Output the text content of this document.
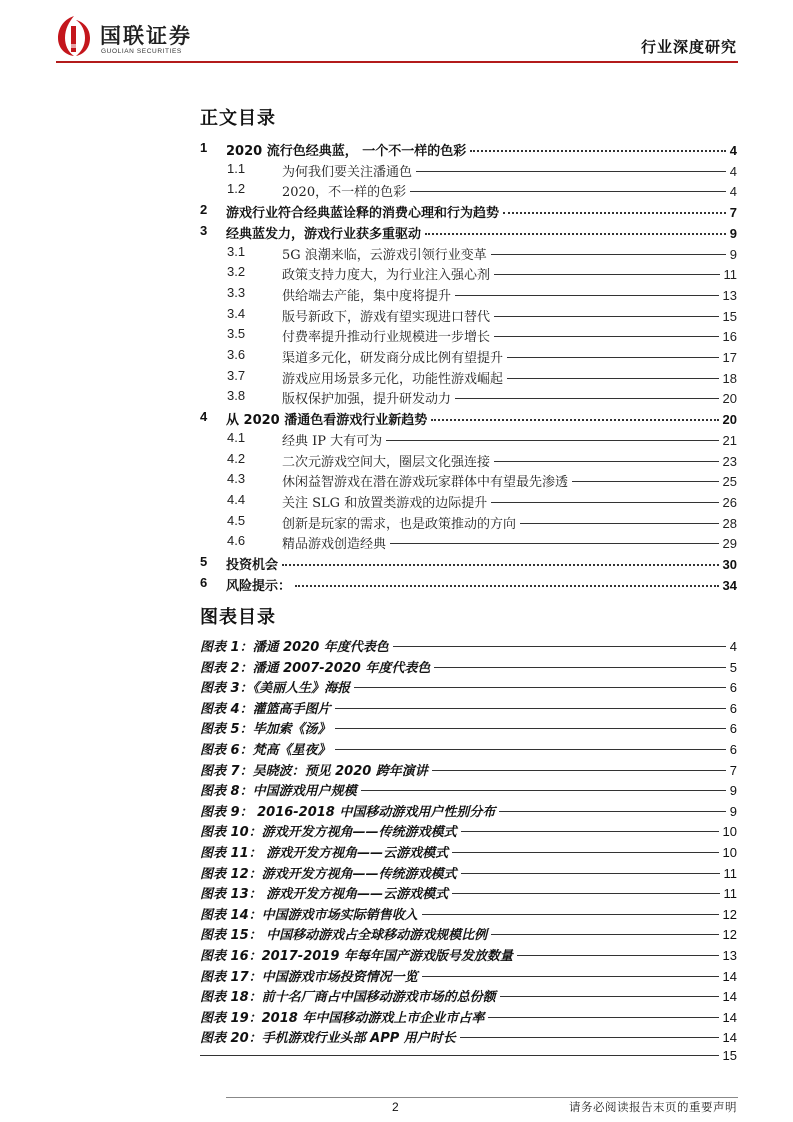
国联证券
GUOLIAN SECURITIES	行业深度研究
正文目录
1 2020 流行色经典蓝， 一个不一样的色彩	4
1.1	为何我们要关注潘通色	4
1.2	2020，不一样的色彩	4
2 游戏行业符合经典蓝诠释的消费心理和行为趋势	7
3 经典蓝发力，游戏行业获多重驱动	9
3.1	5G 浪潮来临，云游戏引领行业变革	9
3.2	政策支持力度大，为行业注入强心剂	11
3.3	供给端去产能，集中度将提升	13
3.4	版号新政下，游戏有望实现进口替代	15
3.5	付费率提升推动行业规模进一步增长	16
3.6	渠道多元化，研发商分成比例有望提升	17
3.7	游戏应用场景多元化，功能性游戏崛起	18
3.8	版权保护加强，提升研发动力	20
4 从 2020 潘通色看游戏行业新趋势	20
4.1	经典 IP 大有可为	21
4.2	二次元游戏空间大，圈层文化强连接	23
4.3	休闲益智游戏在潜在游戏玩家群体中有望最先渗透	25
4.4	关注 SLG 和放置类游戏的边际提升	26
4.5	创新是玩家的需求，也是政策推动的方向	28
4.6	精品游戏创造经典	29
5 投资机会	30
6 风险提示：	34
图表目录
图表 1：潘通 2020 年度代表色	4
图表 2：潘通 2007-2020 年度代表色	5
图表 3：《美丽人生》海报	6
图表 4：灌篮高手图片	6
图表 5：毕加索《汤》	6
图表 6：梵高《星夜》	6
图表 7：吴晓波：预见 2020 跨年演讲	7
图表 8：中国游戏用户规模	9
图表 9： 2016-2018 中国移动游戏用户性别分布	9
图表 10：游戏开发方视角——传统游戏模式	10
图表 11： 游戏开发方视角——云游戏模式	10
图表 12：游戏开发方视角——传统游戏模式	11
图表 13： 游戏开发方视角——云游戏模式	11
图表 14：中国游戏市场实际销售收入	12
图表 15： 中国移动游戏占全球移动游戏规模比例	12
图表 16：2017-2019 年每年国产游戏版号发放数量	13
图表 17：中国游戏市场投资情况一览	14
图表 18：前十名厂商占中国移动游戏市场的总份额	14
图表 19：2018 年中国移动游戏上市企业市占率	14
图表 20：手机游戏行业头部 APP 用户时长	14
15
2	请务必阅读报告末页的重要声明
